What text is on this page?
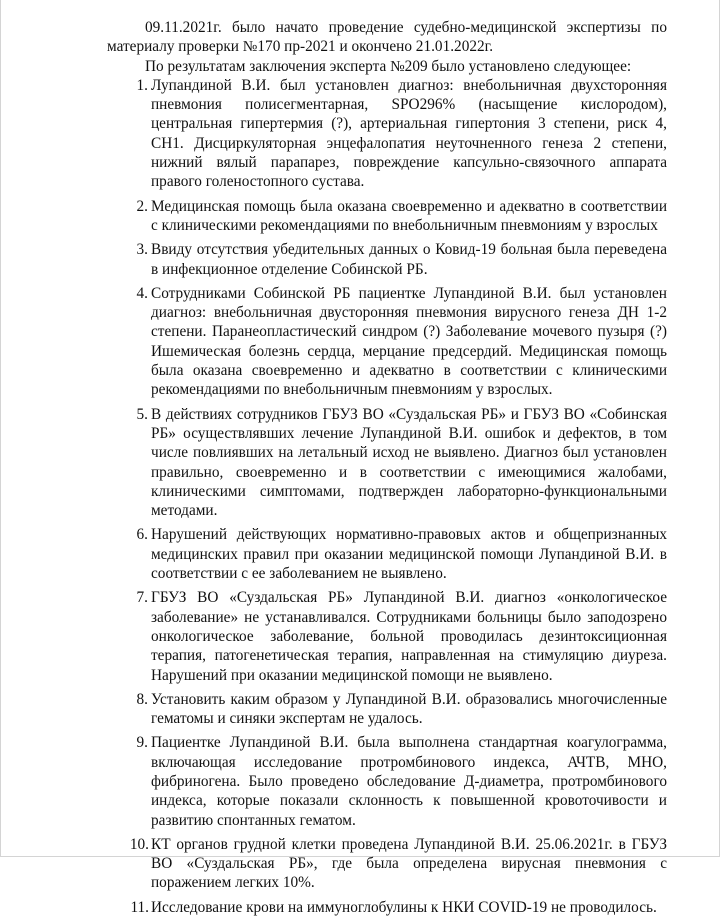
09.11.2021г. было начато проведение судебно-медицинской экспертизы по материалу проверки №170 пр-2021 и окончено 21.01.2022г.

По результатам заключения эксперта №209 было установлено следующее:

1. Лупандиной В.И. был установлен диагноз: внебольничная двухсторонняя пневмония полисегментарная, SPO296% (насыщение кислородом), центральная гипертермия (?), артериальная гипертония 3 степени, риск 4, СН1. Дисциркуляторная энцефалопатия неуточненного генеза 2 степени, нижний вялый парапарез, повреждение капсульно-связочного аппарата правого голеностопного сустава.
2. Медицинская помощь была оказана своевременно и адекватно в соответствии с клиническими рекомендациями по внебольничным пневмониям у взрослых
3. Ввиду отсутствия убедительных данных о Ковид-19 больная была переведена в инфекционное отделение Собинской РБ.
4. Сотрудниками Собинской РБ пациентке Лупандиной В.И. был установлен диагноз: внебольничная двусторонняя пневмония вирусного генеза ДН 1-2 степени. Паранеопластический синдром (?) Заболевание мочевого пузыря (?) Ишемическая болезнь сердца, мерцание предсердий. Медицинская помощь была оказана своевременно и адекватно в соответствии с клиническими рекомендациями по внебольничным пневмониям у взрослых.
5. В действиях сотрудников ГБУЗ ВО «Суздальская РБ» и ГБУЗ ВО «Собинская РБ» осуществлявших лечение Лупандиной В.И. ошибок и дефектов, в том числе повлиявших на летальный исход не выявлено. Диагноз был установлен правильно, своевременно и в соответствии с имеющимися жалобами, клиническими симптомами, подтвержден лабораторно-функциональными методами.
6. Нарушений действующих нормативно-правовых актов и общепризнанных медицинских правил при оказании медицинской помощи Лупандиной В.И. в соответствии с ее заболеванием не выявлено.
7. ГБУЗ ВО «Суздальская РБ» Лупандиной В.И. диагноз «онкологическое заболевание» не устанавливался. Сотрудниками больницы было заподозрено онкологическое заболевание, больной проводилась дезинтоксиционная терапия, патогенетическая терапия, направленная на стимуляцию диуреза. Нарушений при оказании медицинской помощи не выявлено.
8. Установить каким образом у Лупандиной В.И. образовались многочисленные гематомы и синяки экспертам не удалось.
9. Пациентке Лупандиной В.И. была выполнена стандартная коагулограмма, включающая исследование протромбинового индекса, АЧТВ, МНО, фибриногена. Было проведено обследование Д-диаметра, протромбинового индекса, которые показали склонность к повышенной кровоточивости и развитию спонтанных гематом.
10. КТ органов грудной клетки проведена Лупандиной В.И. 25.06.2021г. в ГБУЗ ВО «Суздальская РБ», где была определена вирусная пневмония с поражением легких 10%.
11. Исследование крови на иммуноглобулины к НКИ COVID-19 не проводилось.
